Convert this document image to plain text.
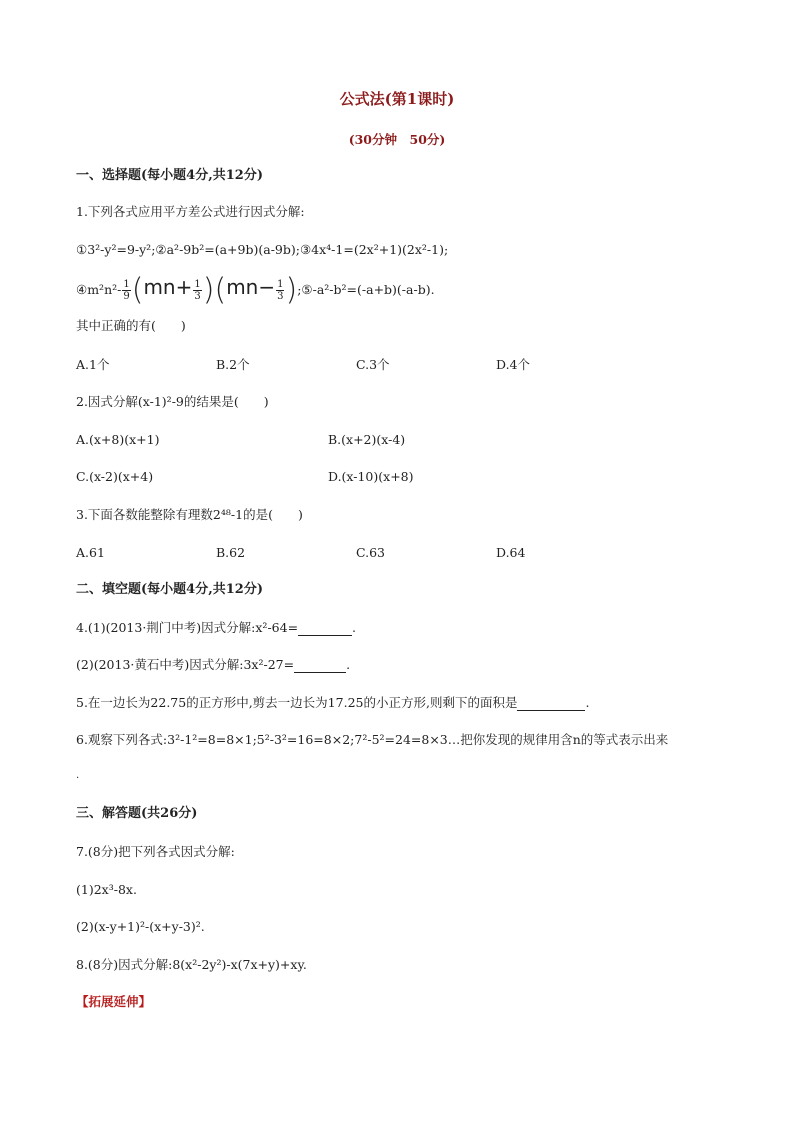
公式法(第1课时)
(30分钟　50分)
一、选择题(每小题4分,共12分)
1.下列各式应用平方差公式进行因式分解:
①3²-y²=9-y²;②a²-9b²=(a+9b)(a-9b);③4x⁴-1=(2x²+1)(2x²-1);
④m²n²- $\frac{1}{9} (mn+ \frac{1}{3} )(mn- \frac{1}{3}$ );⑤-a²-b²=(-a+b)(-a-b).
其中正确的有(　　)
A.1个	B.2个	C.3个	D.4个
2.因式分解(x-1)²-9的结果是(　　)
A.(x+8)(x+1)	B.(x+2)(x-4)
C.(x-2)(x+4)	D.(x-10)(x+8)
3.下面各数能整除有理数2⁴⁸-1的是(　　)
A.61	B.62	C.63	D.64
二、填空题(每小题4分,共12分)
4.(1)(2013·荆门中考)因式分解:x²-64=	.
(2)(2013·黄石中考)因式分解:3x²-27=	.
5.在一边长为22.75的正方形中,剪去一边长为17.25的小正方形,则剩下的面积是	.
6.观察下列各式:3²-1²=8=8×1;5²-3²=16=8×2;7²-5²=24=8×3…把你发现的规律用含n的等式表示出来
.
三、解答题(共26分)
7.(8分)把下列各式因式分解:
(1)2x³-8x.
(2)(x-y+1)²-(x+y-3)².
8.(8分)因式分解:8(x²-2y²)-x(7x+y)+xy.
【拓展延伸】
